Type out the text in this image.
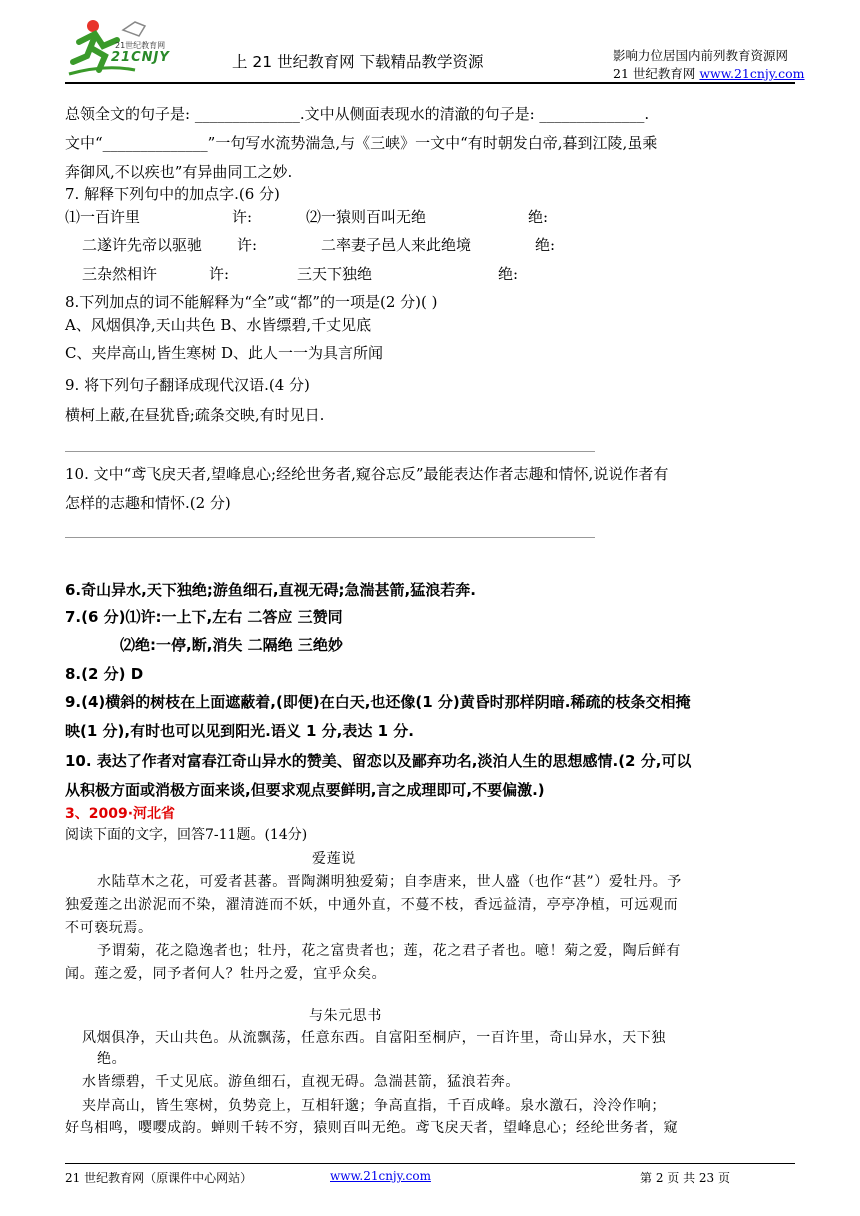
21世纪教育网
21CNJY	上 21 世纪教育网 下载精品教学资源	影响力位居国内前列教育资源网
21 世纪教育网 www.21cnjy.com
总领全文的句子是: ______________.文中从侧面表现水的清澈的句子是: ______________.
文中“______________”一句写水流势湍急,与《三峡》一文中“有时朝发白帝,暮到江陵,虽乘
奔御风,不以疾也”有异曲同工之妙.
7. 解释下列句中的加点字.(6 分)
⑴一百许里	许:	⑵一猿则百叫无绝	绝:
二遂许先帝以驱驰 许:	二率妻子邑人来此绝境	绝:
三杂然相许	许:	三天下独绝	绝:
8.下列加点的词不能解释为“全”或“都”的一项是(2 分)( )
A、风烟俱净,天山共色 B、水皆缥碧,千丈见底
C、夹岸高山,皆生寒树 D、此人一一为具言所闻
9. 将下列句子翻译成现代汉语.(4 分)
横柯上蔽,在昼犹昏;疏条交映,有时见日.
10. 文中“鸢飞戾天者,望峰息心;经纶世务者,窥谷忘反”最能表达作者志趣和情怀,说说作者有
怎样的志趣和情怀.(2 分)
6.奇山异水,天下独绝;游鱼细石,直视无碍;急湍甚箭,猛浪若奔.
7.(6 分)⑴许:一上下,左右 二答应 三赞同
⑵绝:一停,断,消失 二隔绝 三绝妙
8.(2 分) D
9.(4)横斜的树枝在上面遮蔽着,(即便)在白天,也还像(1 分)黄昏时那样阴暗.稀疏的枝条交相掩
映(1 分),有时也可以见到阳光.语义 1 分,表达 1 分.
10. 表达了作者对富春江奇山异水的赞美、留恋以及鄙弃功名,淡泊人生的思想感情.(2 分,可以
从积极方面或消极方面来谈,但要求观点要鲜明,言之成理即可,不要偏激.)
3、2009·河北省
阅读下面的文字，回答7-11题。(14分)
爱莲说
水陆草木之花，可爱者甚蕃。晋陶渊明独爱菊；自李唐来，世人盛（也作“甚”）爱牡丹。予
独爱莲之出淤泥而不染，濯清涟而不妖，中通外直，不蔓不枝，香远益清，亭亭净植，可远观而
不可亵玩焉。
予谓菊，花之隐逸者也；牡丹，花之富贵者也；莲，花之君子者也。噫！菊之爱，陶后鲜有
闻。莲之爱，同予者何人？牡丹之爱，宜乎众矣。
与朱元思书
风烟俱净，天山共色。从流飘荡，任意东西。自富阳至桐庐，一百许里，奇山异水，天下独
绝。
水皆缥碧，千丈见底。游鱼细石，直视无碍。急湍甚箭，猛浪若奔。
夹岸高山，皆生寒树，负势竞上，互相轩邈；争高直指，千百成峰。泉水激石，泠泠作响；
好鸟相鸣，嘤嘤成韵。蝉则千转不穷，猿则百叫无绝。鸢飞戾天者，望峰息心；经纶世务者，窥
21 世纪教育网（原课件中心网站）	www.21cnjy.com	第 2 页 共 23 页
